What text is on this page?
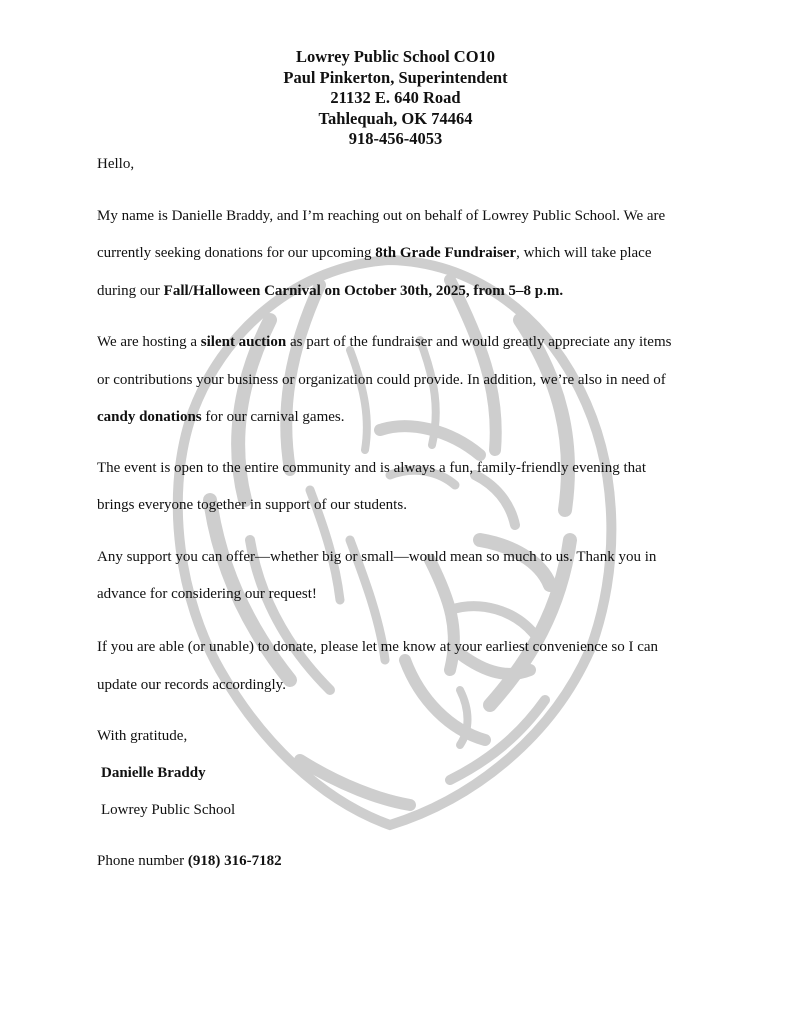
Lowrey Public School CO10
Paul Pinkerton, Superintendent
21132 E. 640 Road
Tahlequah, OK 74464
918-456-4053
Hello,
My name is Danielle Braddy, and I’m reaching out on behalf of Lowrey Public School. We are
currently seeking donations for our upcoming 8th Grade Fundraiser, which will take place
during our Fall/Halloween Carnival on October 30th, 2025, from 5–8 p.m.
We are hosting a silent auction as part of the fundraiser and would greatly appreciate any items
or contributions your business or organization could provide. In addition, we’re also in need of
candy donations for our carnival games.
The event is open to the entire community and is always a fun, family-friendly evening that
brings everyone together in support of our students.
Any support you can offer—whether big or small—would mean so much to us. Thank you in
advance for considering our request!
If you are able (or unable) to donate, please let me know at your earliest convenience so I can
update our records accordingly.
With gratitude,
Danielle Braddy
Lowrey Public School
Phone number (918) 316-7182
